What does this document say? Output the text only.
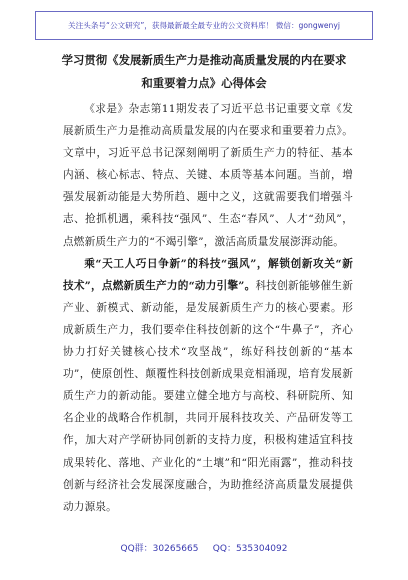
关注头条号“公文研究”，获得最新最全最专业的公文资料库！ 微信：gongwenyj
学习贯彻《发展新质生产力是推动高质量发展的内在要求
和重要着力点》心得体会

《求是》杂志第11期发表了习近平总书记重要文章《发展新质生产力是推动高质量发展的内在要求和重要着力点》。文章中，习近平总书记深刻阐明了新质生产力的特征、基本内涵、核心标志、特点、关键、本质等基本问题。当前，增强发展新动能是大势所趋、题中之义，这就需要我们增强斗志、抢抓机遇，乘科技“强风”、生态“春风”、人才“劲风”，点燃新质生产力的“不竭引擎”，激活高质量发展澎湃动能。

乘“天工人巧日争新”的科技“强风”，解锁创新攻关“新技术”，点燃新质生产力的“动力引擎”。科技创新能够催生新产业、新模式、新动能，是发展新质生产力的核心要素。形成新质生产力，我们要牵住科技创新的这个“牛鼻子”，齐心协力打好关键核心技术“攻坚战”，练好科技创新的“基本功”，使原创性、颠覆性科技创新成果竞相涌现，培育发展新质生产力的新动能。要建立健全地方与高校、科研院所、知名企业的战略合作机制，共同开展科技攻关、产品研发等工作，加大对产学研协同创新的支持力度，积极构建适宜科技成果转化、落地、产业化的“土壤”和“阳光雨露”，推动科技创新与经济社会发展深度融合，为助推经济高质量发展提供动力源泉。

QQ群：30265665     QQ：535304092
